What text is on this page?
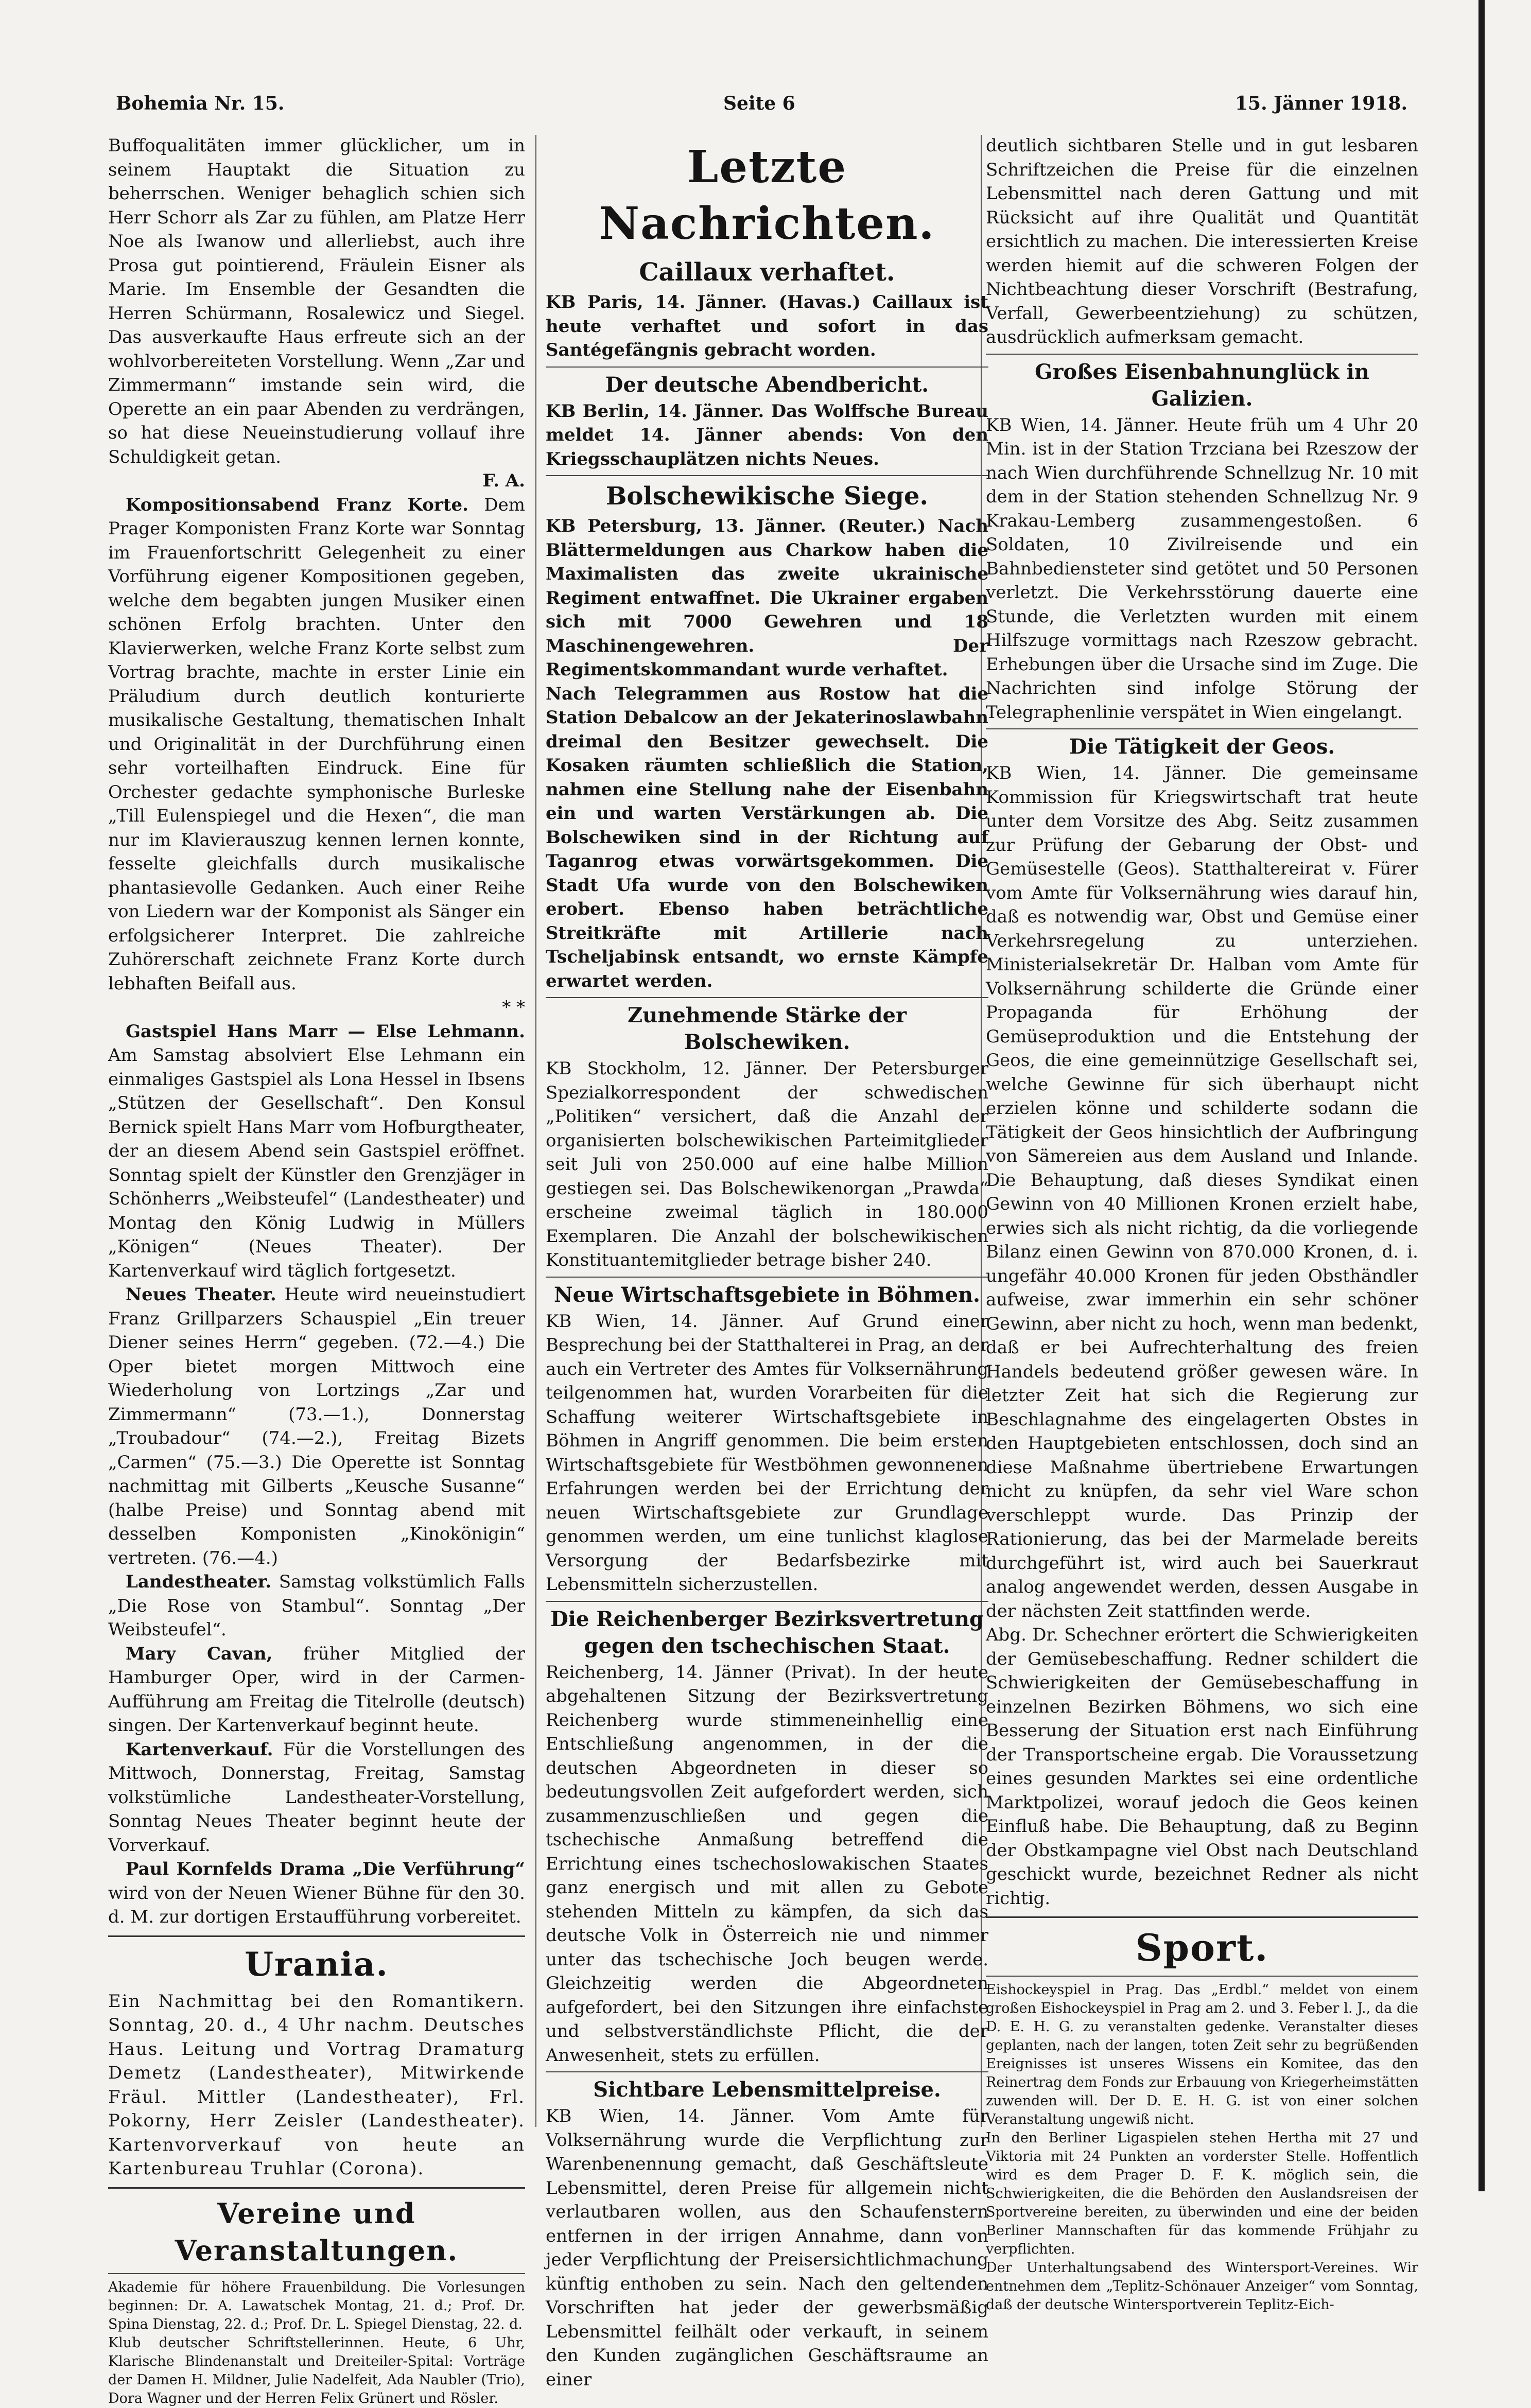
Bohemia Nr. 15.	Seite 6	15. Jänner 1918.

Buffoqualitäten immer glücklicher, um in seinem Hauptakt die Situation zu beherrschen. Weniger behaglich schien sich Herr Schorr als Zar zu fühlen, am Platze Herr Noe als Iwanow und allerliebst, auch ihre Prosa gut pointierend, Fräulein Eisner als Marie. Im Ensemble der Gesandten die Herren Schürmann, Rosalewicz und Siegel. Das ausverkaufte Haus erfreute sich an der wohlvorbereiteten Vorstellung. Wenn „Zar und Zimmermann“ imstande sein wird, die Operette an ein paar Abenden zu verdrängen, so hat diese Neueinstudierung vollauf ihre Schuldigkeit getan.

F. A.

 Kompositionsabend Franz Korte. Dem Prager Komponisten Franz Korte war Sonntag im Frauenfortschritt Gelegenheit zu einer Vorführung eigener Kompositionen gegeben, welche dem begabten jungen Musiker einen schönen Erfolg brachten. Unter den Klavierwerken, welche Franz Korte selbst zum Vortrag brachte, machte in erster Linie ein Präludium durch deutlich konturierte musikalische Gestaltung, thematischen Inhalt und Originalität in der Durchführung einen sehr vorteilhaften Eindruck. Eine für Orchester gedachte symphonische Burleske „Till Eulenspiegel und die Hexen“, die man nur im Klavierauszug kennen lernen konnte, fesselte gleichfalls durch musikalische phantasievolle Gedanken. Auch einer Reihe von Liedern war der Komponist als Sänger ein erfolgsicherer Interpret. Die zahlreiche Zuhörerschaft zeichnete Franz Korte durch lebhaften Beifall aus.

* *

 Gastspiel Hans Marr — Else Lehmann. Am Samstag absolviert Else Lehmann ein einmaliges Gastspiel als Lona Hessel in Ibsens „Stützen der Gesellschaft“. Den Konsul Bernick spielt Hans Marr vom Hofburgtheater, der an diesem Abend sein Gastspiel eröffnet. Sonntag spielt der Künstler den Grenzjäger in Schönherrs „Weibsteufel“ (Landestheater) und Montag den König Ludwig in Müllers „Königen“ (Neues Theater). Der Kartenverkauf wird täglich fortgesetzt.

 Neues Theater. Heute wird neueinstudiert Franz Grillparzers Schauspiel „Ein treuer Diener seines Herrn“ gegeben. (72.—4.) Die Oper bietet morgen Mittwoch eine Wiederholung von Lortzings „Zar und Zimmermann“ (73.—1.), Donnerstag „Troubadour“ (74.—2.), Freitag Bizets „Carmen“ (75.—3.) Die Operette ist Sonntag nachmittag mit Gilberts „Keusche Susanne“ (halbe Preise) und Sonntag abend mit desselben Komponisten „Kinokönigin“ vertreten. (76.—4.)

 Landestheater. Samstag volkstümlich Falls „Die Rose von Stambul“. Sonntag „Der Weibsteufel“.

 Mary Cavan, früher Mitglied der Hamburger Oper, wird in der Carmen-Aufführung am Freitag die Titelrolle (deutsch) singen. Der Kartenverkauf beginnt heute.

 Kartenverkauf. Für die Vorstellungen des Mittwoch, Donnerstag, Freitag, Samstag volkstümliche Landestheater-Vorstellung, Sonntag Neues Theater beginnt heute der Vorverkauf.

 Paul Kornfelds Drama „Die Verführung“ wird von der Neuen Wiener Bühne für den 30. d. M. zur dortigen Erstaufführung vorbereitet.

Urania.

Ein Nachmittag bei den Romantikern. Sonntag, 20. d., 4 Uhr nachm. Deutsches Haus. Leitung und Vortrag Dramaturg Demetz (Landestheater), Mitwirkende Fräul. Mittler (Landestheater), Frl. Pokorny, Herr Zeisler (Landestheater). Kartenvorverkauf von heute an Kartenbureau Truhlar (Corona).

Vereine und Veranstaltungen.

Akademie für höhere Frauenbildung. Die Vorlesungen beginnen: Dr. A. Lawatschek Montag, 21. d.; Prof. Dr. Spina Dienstag, 22. d.; Prof. Dr. L. Spiegel Dienstag, 22. d.

Klub deutscher Schriftstellerinnen. Heute, 6 Uhr, Klarische Blindenanstalt und Dreiteiler-Spital: Vorträge der Damen H. Mildner, Julie Nadelfeit, Ada Naubler (Trio), Dora Wagner und der Herren Felix Grünert und Rösler.

Letzte Nachrichten.
Caillaux verhaftet.

KB Paris, 14. Jänner. (Havas.) Caillaux ist heute verhaftet und sofort in das Santégefängnis gebracht worden.

Der deutsche Abendbericht.

KB Berlin, 14. Jänner. Das Wolffsche Bureau meldet 14. Jänner abends: Von den Kriegsschauplätzen nichts Neues.

Bolschewikische Siege.

KB Petersburg, 13. Jänner. (Reuter.) Nach Blättermeldungen aus Charkow haben die Maximalisten das zweite ukrainische Regiment entwaffnet. Die Ukrainer ergaben sich mit 7000 Gewehren und 18 Maschinengewehren. Der Regimentskommandant wurde verhaftet.

Nach Telegrammen aus Rostow hat die Station Debalcow an der Jekaterinoslawbahn dreimal den Besitzer gewechselt. Die Kosaken räumten schließlich die Station, nahmen eine Stellung nahe der Eisenbahn ein und warten Verstärkungen ab. Die Bolschewiken sind in der Richtung auf Taganrog etwas vorwärtsgekommen. Die Stadt Ufa wurde von den Bolschewiken erobert. Ebenso haben beträchtliche Streitkräfte mit Artillerie nach Tscheljabinsk entsandt, wo ernste Kämpfe erwartet werden.

Zunehmende Stärke der Bolschewiken.

KB Stockholm, 12. Jänner. Der Petersburger Spezialkorrespondent der schwedischen „Politiken“ versichert, daß die Anzahl der organisierten bolschewikischen Parteimitglieder seit Juli von 250.000 auf eine halbe Million gestiegen sei. Das Bolschewikenorgan „Prawda“ erscheine zweimal täglich in 180.000 Exemplaren. Die Anzahl der bolschewikischen Konstituantemitglieder betrage bisher 240.

Neue Wirtschaftsgebiete in Böhmen.

KB Wien, 14. Jänner. Auf Grund einer Besprechung bei der Statthalterei in Prag, an der auch ein Vertreter des Amtes für Volksernährung teilgenommen hat, wurden Vorarbeiten für die Schaffung weiterer Wirtschaftsgebiete in Böhmen in Angriff genommen. Die beim ersten Wirtschaftsgebiete für Westböhmen gewonnenen Erfahrungen werden bei der Errichtung der neuen Wirtschaftsgebiete zur Grundlage genommen werden, um eine tunlichst klaglose Versorgung der Bedarfsbezirke mit Lebensmitteln sicherzustellen.

Die Reichenberger Bezirksvertretung gegen den tschechischen Staat.

Reichenberg, 14. Jänner (Privat). In der heute abgehaltenen Sitzung der Bezirksvertretung Reichenberg wurde stimmeneinhellig eine Entschließung angenommen, in der die deutschen Abgeordneten in dieser so bedeutungsvollen Zeit aufgefordert werden, sich zusammenzuschließen und gegen die tschechische Anmaßung betreffend die Errichtung eines tschechoslowakischen Staates ganz energisch und mit allen zu Gebote stehenden Mitteln zu kämpfen, da sich das deutsche Volk in Österreich nie und nimmer unter das tschechische Joch beugen werde. Gleichzeitig werden die Abgeordneten aufgefordert, bei den Sitzungen ihre einfachste und selbstverständlichste Pflicht, die der Anwesenheit, stets zu erfüllen.

Sichtbare Lebensmittelpreise.

KB Wien, 14. Jänner. Vom Amte für Volksernährung wurde die Verpflichtung zur Warenbenennung gemacht, daß Geschäftsleute Lebensmittel, deren Preise für allgemein nicht verlautbaren wollen, aus den Schaufenstern entfernen in der irrigen Annahme, dann von jeder Verpflichtung der Preisersichtlichmachung künftig enthoben zu sein. Nach den geltenden Vorschriften hat jeder der gewerbsmäßig Lebensmittel feilhält oder verkauft, in seinem den Kunden zugänglichen Geschäftsraume an einer

deutlich sichtbaren Stelle und in gut lesbaren Schriftzeichen die Preise für die einzelnen Lebensmittel nach deren Gattung und mit Rücksicht auf ihre Qualität und Quantität ersichtlich zu machen. Die interessierten Kreise werden hiemit auf die schweren Folgen der Nichtbeachtung dieser Vorschrift (Bestrafung, Verfall, Gewerbeentziehung) zu schützen, ausdrücklich aufmerksam gemacht.

Großes Eisenbahnunglück in Galizien.

KB Wien, 14. Jänner. Heute früh um 4 Uhr 20 Min. ist in der Station Trzciana bei Rzeszow der nach Wien durchführende Schnellzug Nr. 10 mit dem in der Station stehenden Schnellzug Nr. 9 Krakau-Lemberg zusammengestoßen. 6 Soldaten, 10 Zivilreisende und ein Bahnbediensteter sind getötet und 50 Personen verletzt. Die Verkehrsstörung dauerte eine Stunde, die Verletzten wurden mit einem Hilfszuge vormittags nach Rzeszow gebracht. Erhebungen über die Ursache sind im Zuge. Die Nachrichten sind infolge Störung der Telegraphenlinie verspätet in Wien eingelangt.

Die Tätigkeit der Geos.

KB Wien, 14. Jänner. Die gemeinsame Kommission für Kriegswirtschaft trat heute unter dem Vorsitze des Abg. Seitz zusammen zur Prüfung der Gebarung der Obst- und Gemüsestelle (Geos). Statthaltereirat v. Fürer vom Amte für Volksernährung wies darauf hin, daß es notwendig war, Obst und Gemüse einer Verkehrsregelung zu unterziehen. Ministerialsekretär Dr. Halban vom Amte für Volksernährung schilderte die Gründe einer Propaganda für Erhöhung der Gemüseproduktion und die Entstehung der Geos, die eine gemeinnützige Gesellschaft sei, welche Gewinne für sich überhaupt nicht erzielen könne und schilderte sodann die Tätigkeit der Geos hinsichtlich der Aufbringung von Sämereien aus dem Ausland und Inlande. Die Behauptung, daß dieses Syndikat einen Gewinn von 40 Millionen Kronen erzielt habe, erwies sich als nicht richtig, da die vorliegende Bilanz einen Gewinn von 870.000 Kronen, d. i. ungefähr 40.000 Kronen für jeden Obsthändler aufweise, zwar immerhin ein sehr schöner Gewinn, aber nicht zu hoch, wenn man bedenkt, daß er bei Aufrechterhaltung des freien Handels bedeutend größer gewesen wäre. In letzter Zeit hat sich die Regierung zur Beschlagnahme des eingelagerten Obstes in den Hauptgebieten entschlossen, doch sind an diese Maßnahme übertriebene Erwartungen nicht zu knüpfen, da sehr viel Ware schon verschleppt wurde. Das Prinzip der Rationierung, das bei der Marmelade bereits durchgeführt ist, wird auch bei Sauerkraut analog angewendet werden, dessen Ausgabe in der nächsten Zeit stattfinden werde.

Abg. Dr. Schechner erörtert die Schwierigkeiten der Gemüsebeschaffung. Redner schildert die Schwierigkeiten der Gemüsebeschaffung in einzelnen Bezirken Böhmens, wo sich eine Besserung der Situation erst nach Einführung der Transportscheine ergab. Die Voraussetzung eines gesunden Marktes sei eine ordentliche Marktpolizei, worauf jedoch die Geos keinen Einfluß habe. Die Behauptung, daß zu Beginn der Obstkampagne viel Obst nach Deutschland geschickt wurde, bezeichnet Redner als nicht richtig.

Sport.

Eishockeyspiel in Prag. Das „Erdbl.“ meldet von einem großen Eishockeyspiel in Prag am 2. und 3. Feber l. J., da die D. E. H. G. zu veranstalten gedenke. Veranstalter dieses geplanten, nach der langen, toten Zeit sehr zu begrüßenden Ereignisses ist unseres Wissens ein Komitee, das den Reinertrag dem Fonds zur Erbauung von Kriegerheimstätten zuwenden will. Der D. E. H. G. ist von einer solchen Veranstaltung ungewiß nicht.

In den Berliner Ligaspielen stehen Hertha mit 27 und Viktoria mit 24 Punkten an vorderster Stelle. Hoffentlich wird es dem Prager D. F. K. möglich sein, die Schwierigkeiten, die die Behörden den Auslandsreisen der Sportvereine bereiten, zu überwinden und eine der beiden Berliner Mannschaften für das kommende Frühjahr zu verpflichten.

Der Unterhaltungsabend des Wintersport-Vereines. Wir entnehmen dem „Teplitz-Schönauer Anzeiger“ vom Sonntag, daß der deutsche Wintersportverein Teplitz-Eich-
